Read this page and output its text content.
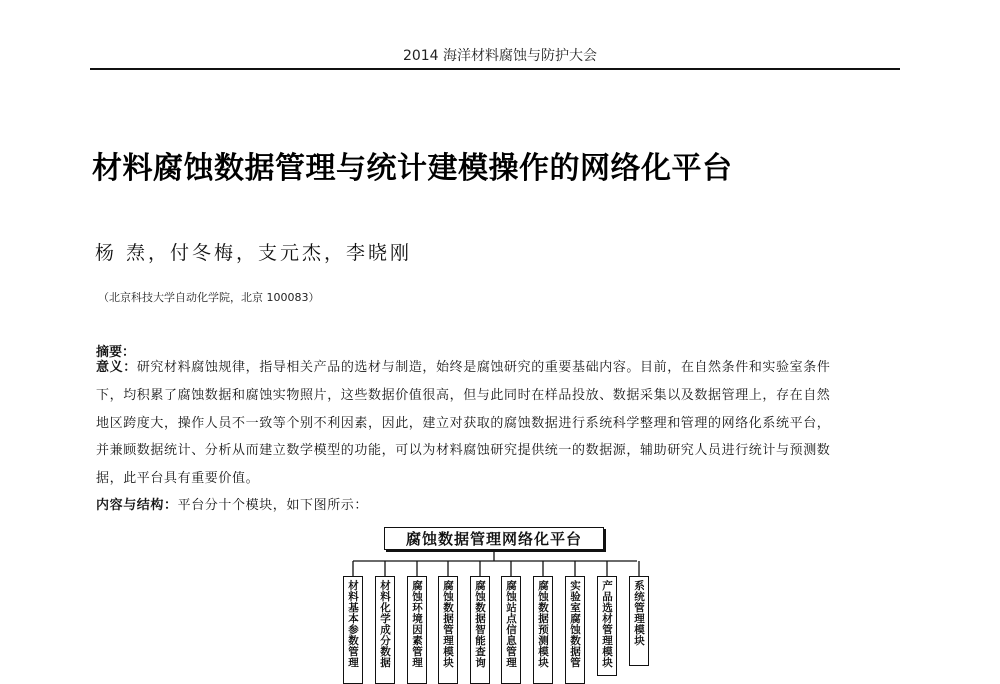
2014 海洋材料腐蚀与防护大会
材料腐蚀数据管理与统计建模操作的网络化平台
杨 焘，付冬梅，支元杰，李晓刚
（北京科技大学自动化学院，北京 100083）
摘要：
意义：研究材料腐蚀规律，指导相关产品的选材与制造，始终是腐蚀研究的重要基础内容。目前，在自然条件和实验室条件
下，均积累了腐蚀数据和腐蚀实物照片，这些数据价值很高，但与此同时在样品投放、数据采集以及数据管理上，存在自然
地区跨度大，操作人员不一致等个别不利因素，因此，建立对获取的腐蚀数据进行系统科学整理和管理的网络化系统平台，
并兼顾数据统计、分析从而建立数学模型的功能，可以为材料腐蚀研究提供统一的数据源，辅助研究人员进行统计与预测数
据，此平台具有重要价值。
内容与结构：平台分十个模块，如下图所示：
腐蚀数据管理网络化平台
材料基本参数管理	材料化学成分数据	腐蚀环境因素管理	腐蚀数据管理模块	腐蚀数据智能查询	腐蚀站点信息管理	腐蚀数据预测模块	实验室腐蚀数据管	产品选材管理模块	系统管理模块
